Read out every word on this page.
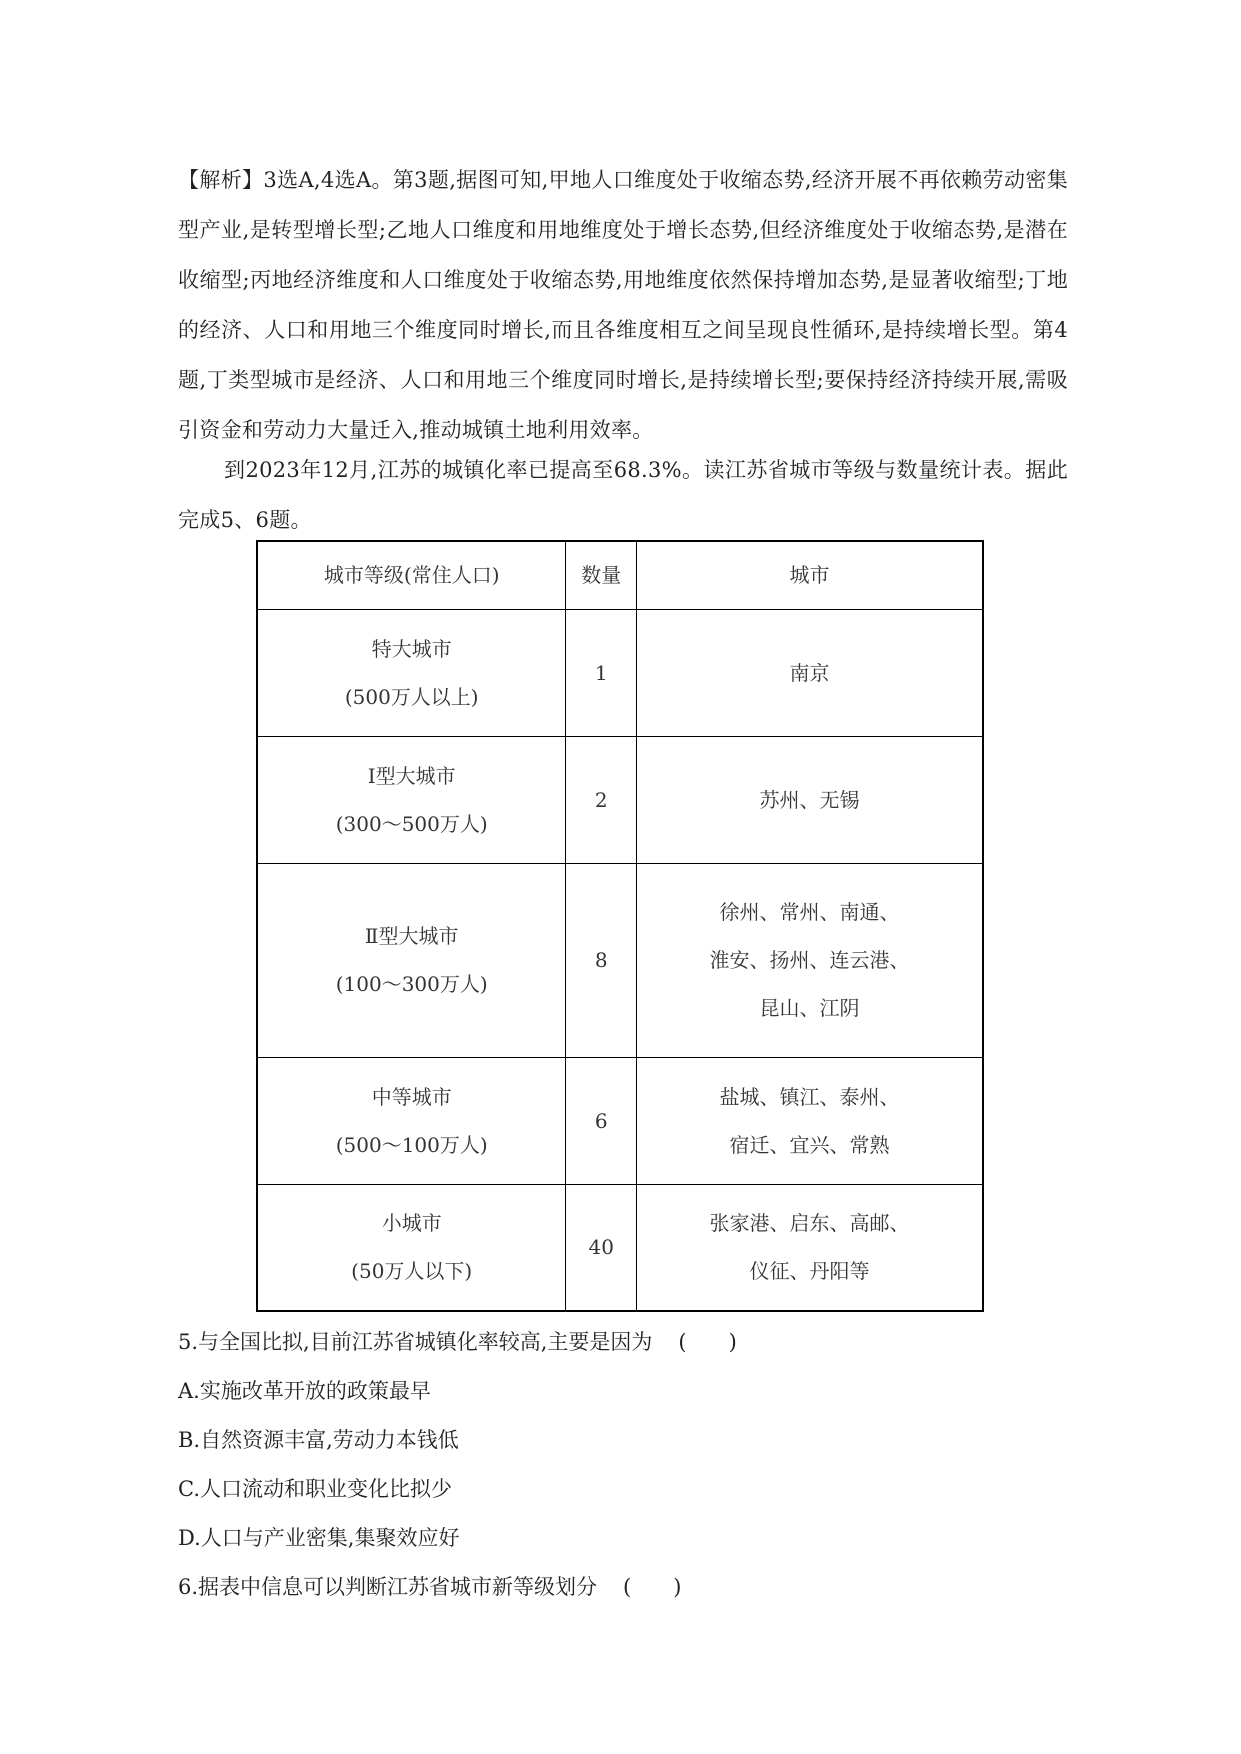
【解析】3选A,4选A。第3题,据图可知,甲地人口维度处于收缩态势,经济开展不再依赖劳动密集型产业,是转型增长型;乙地人口维度和用地维度处于增长态势,但经济维度处于收缩态势,是潜在收缩型;丙地经济维度和人口维度处于收缩态势,用地维度依然保持增加态势,是显著收缩型;丁地的经济、人口和用地三个维度同时增长,而且各维度相互之间呈现良性循环,是持续增长型。第4题,丁类型城市是经济、人口和用地三个维度同时增长,是持续增长型;要保持经济持续开展,需吸引资金和劳动力大量迁入,推动城镇土地利用效率。
到2023年12月,江苏的城镇化率已提高至68.3%。读江苏省城市等级与数量统计表。据此完成5、6题。
城市等级(常住人口)	数量	城市

特大城市
(500万人以上)	1	南京

Ⅰ型大城市
(300～500万人)	2	苏州、无锡

Ⅱ型大城市
(100～300万人)	8	徐州、常州、南通、
淮安、扬州、连云港、
昆山、江阴

中等城市
(500～100万人)	6	盐城、镇江、泰州、
宿迁、宜兴、常熟

小城市
(50万人以下)	40	张家港、启东、高邮、
仪征、丹阳等
5.与全国比拟,目前江苏省城镇化率较高,主要是因为 (　　)
A.实施改革开放的政策最早
B.自然资源丰富,劳动力本钱低
C.人口流动和职业变化比拟少
D.人口与产业密集,集聚效应好
6.据表中信息可以判断江苏省城市新等级划分 (　　)
